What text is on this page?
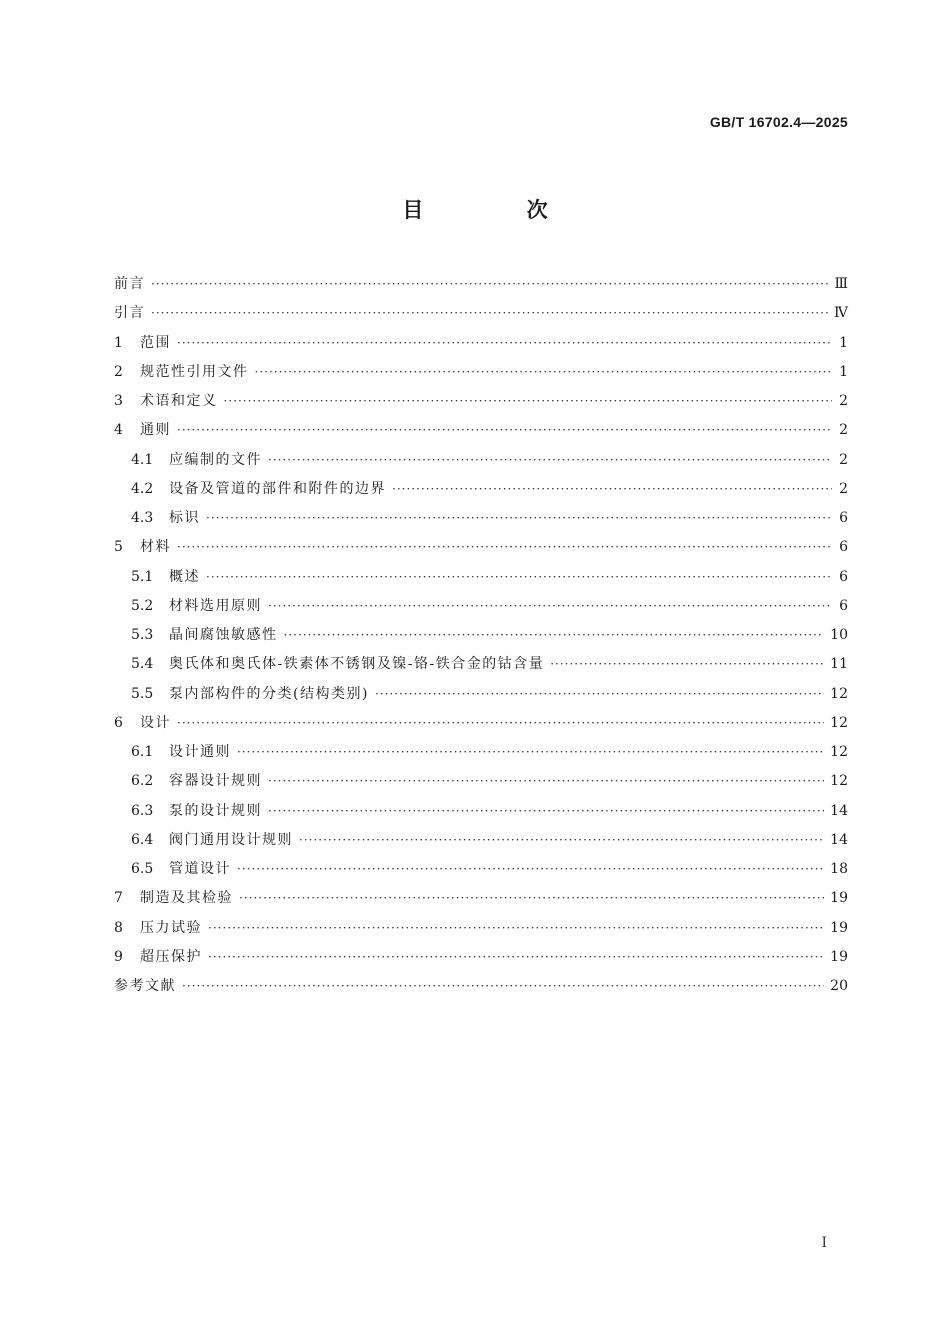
GB/T 16702.4—2025
目 次
前言 ·····	Ⅲ
引言 ·····	Ⅳ
1	范围 ·····	1
2	规范性引用文件 ·····	1
3	术语和定义 ·····	2
4	通则 ·····	2
4.1	应编制的文件 ·····	2
4.2	设备及管道的部件和附件的边界 ·····	2
4.3	标识 ·····	6
5	材料 ·····	6
5.1	概述 ·····	6
5.2	材料选用原则 ·····	6
5.3	晶间腐蚀敏感性 ·····	10
5.4	奥氏体和奥氏体-铁素体不锈钢及镍-铬-铁合金的钴含量 ·····	11
5.5	泵内部构件的分类(结构类别) ·····	12
6	设计 ·····	12
6.1	设计通则 ·····	12
6.2	容器设计规则 ·····	12
6.3	泵的设计规则 ·····	14
6.4	阀门通用设计规则 ·····	14
6.5	管道设计 ·····	18
7	制造及其检验 ·····	19
8	压力试验 ·····	19
9	超压保护 ·····	19
参考文献 ·····	20
Ⅰ
